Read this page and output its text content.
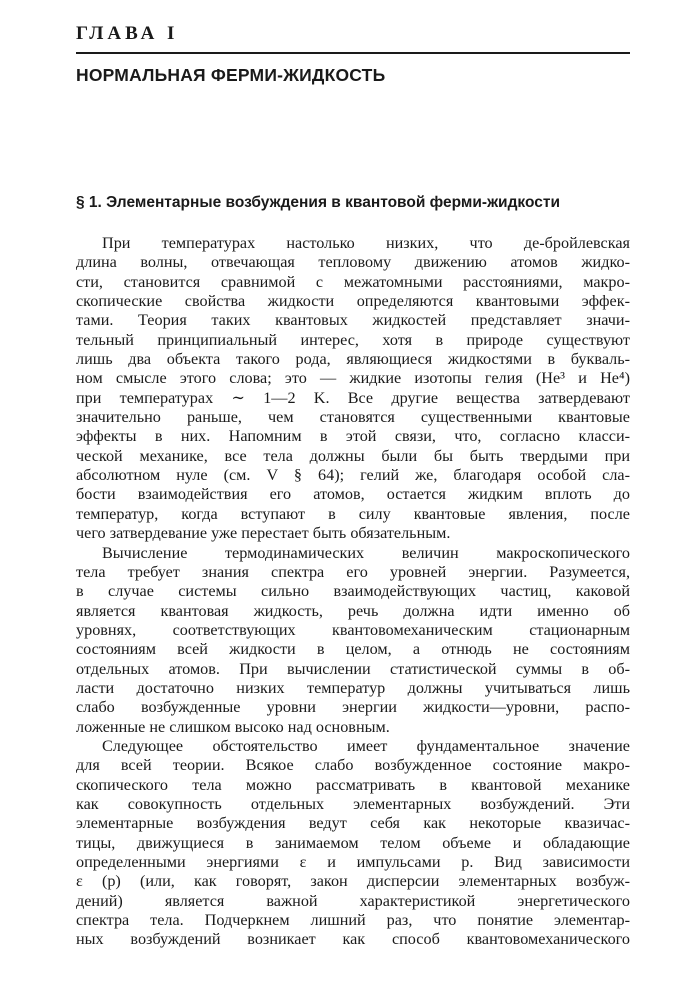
ГЛАВА I
НОРМАЛЬНАЯ ФЕРМИ-ЖИДКОСТЬ
§ 1. Элементарные возбуждения в квантовой ферми-жидкости
При температурах настолько низких, что де-бройлевская
длина волны, отвечающая тепловому движению атомов жидко-
сти, становится сравнимой с межатомными расстояниями, макро-
скопические свойства жидкости определяются квантовыми эффек-
тами. Теория таких квантовых жидкостей представляет значи-
тельный принципиальный интерес, хотя в природе существуют
лишь два объекта такого рода, являющиеся жидкостями в букваль-
ном смысле этого слова; это — жидкие изотопы гелия (He³ и He⁴)
при температурах ∼ 1—2 K. Все другие вещества затвердевают
значительно раньше, чем становятся существенными квантовые
эффекты в них. Напомним в этой связи, что, согласно класси-
ческой механике, все тела должны были бы быть твердыми при
абсолютном нуле (см. V § 64); гелий же, благодаря особой сла-
бости взаимодействия его атомов, остается жидким вплоть до
температур, когда вступают в силу квантовые явления, после
чего затвердевание уже перестает быть обязательным.
Вычисление термодинамических величин макроскопического
тела требует знания спектра его уровней энергии. Разумеется,
в случае системы сильно взаимодействующих частиц, каковой
является квантовая жидкость, речь должна идти именно об
уровнях, соответствующих квантовомеханическим стационарным
состояниям всей жидкости в целом, а отнюдь не состояниям
отдельных атомов. При вычислении статистической суммы в об-
ласти достаточно низких температур должны учитываться лишь
слабо возбужденные уровни энергии жидкости—уровни, распо-
ложенные не слишком высоко над основным.
Следующее обстоятельство имеет фундаментальное значение
для всей теории. Всякое слабо возбужденное состояние макро-
скопического тела можно рассматривать в квантовой механике
как совокупность отдельных элементарных возбуждений. Эти
элементарные возбуждения ведут себя как некоторые квазичас-
тицы, движущиеся в занимаемом телом объеме и обладающие
определенными энергиями ε и импульсами p. Вид зависимости
ε (p) (или, как говорят, закон дисперсии элементарных возбуж-
дений) является важной характеристикой энергетического
спектра тела. Подчеркнем лишний раз, что понятие элементар-
ных возбуждений возникает как способ квантовомеханического
